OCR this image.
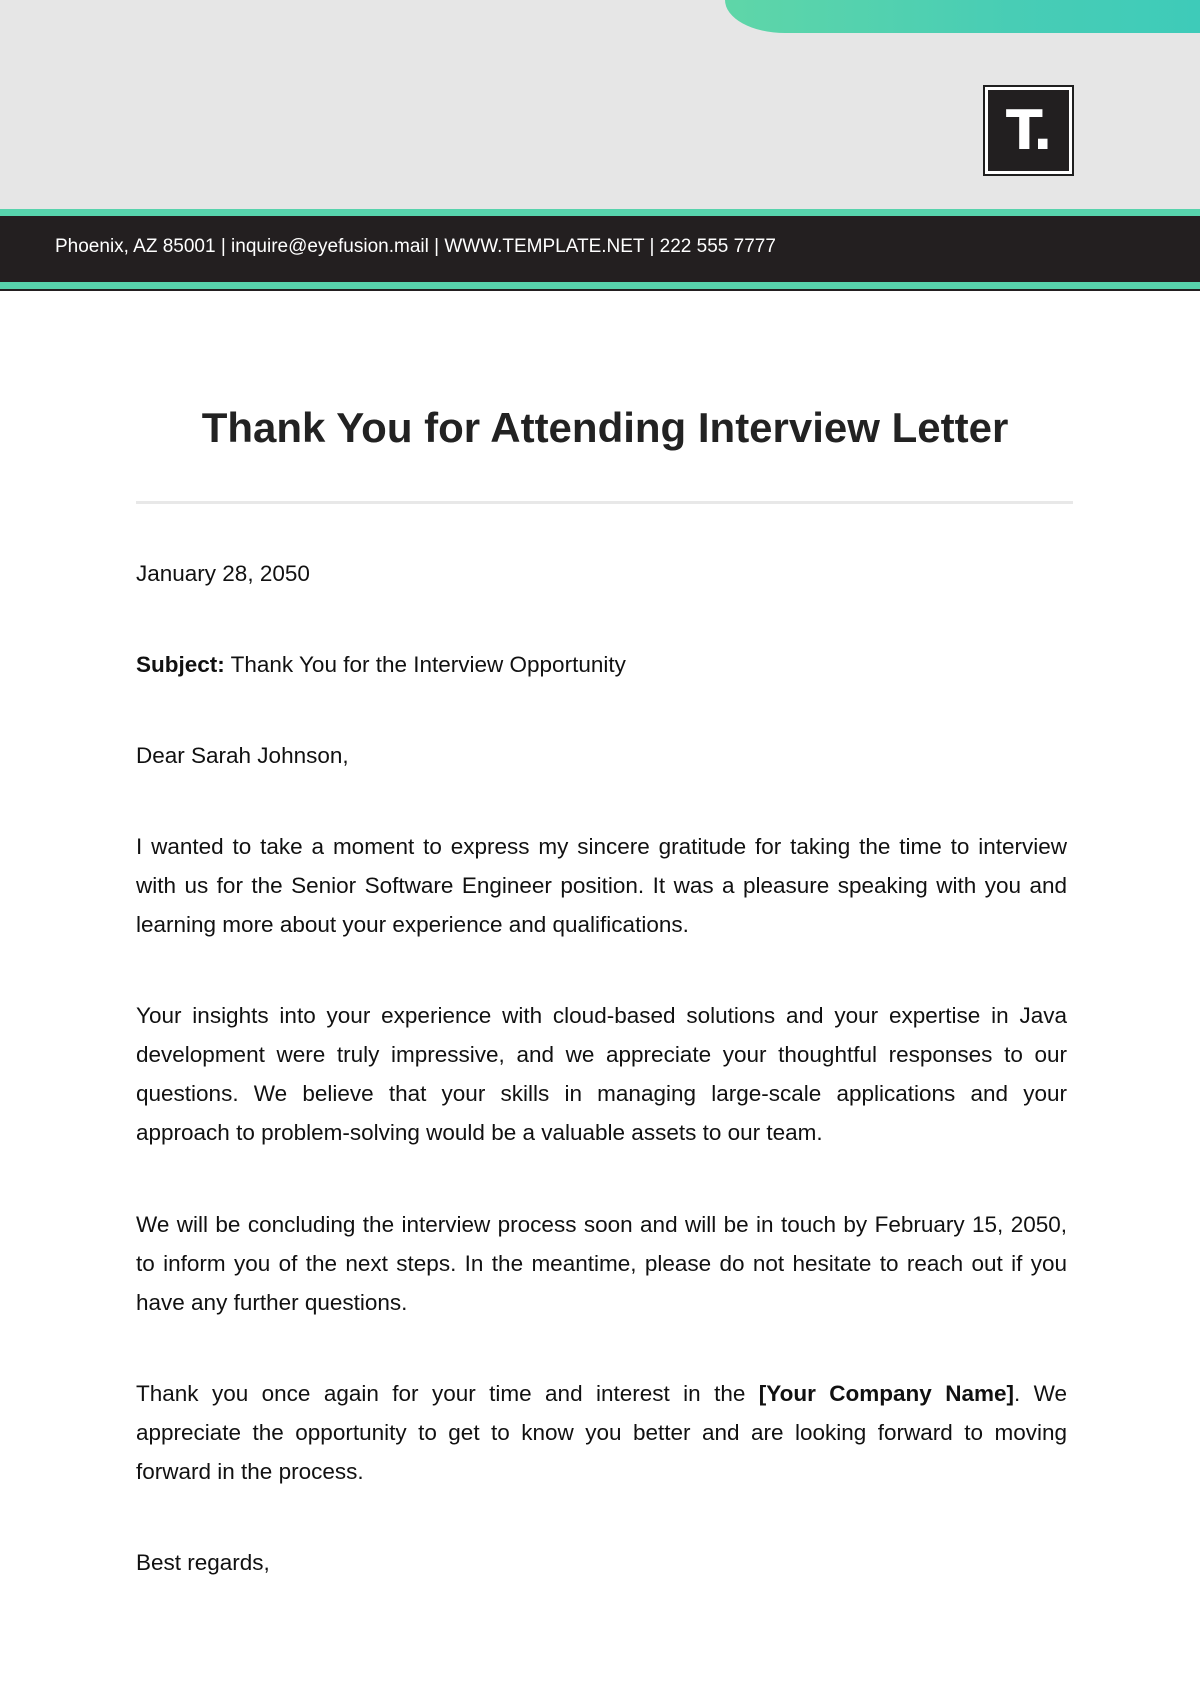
T.
Phoenix, AZ 85001 | inquire@eyefusion.mail | WWW.TEMPLATE.NET | 222 555 7777
Thank You for Attending Interview Letter

January 28, 2050

Subject: Thank You for the Interview Opportunity

Dear Sarah Johnson,

I wanted to take a moment to express my sincere gratitude for taking the time to interview with us for the Senior Software Engineer position. It was a pleasure speaking with you and learning more about your experience and qualifications.

Your insights into your experience with cloud-based solutions and your expertise in Java development were truly impressive, and we appreciate your thoughtful responses to our questions. We believe that your skills in managing large-scale applications and your approach to problem-solving would be a valuable assets to our team.

We will be concluding the interview process soon and will be in touch by February 15, 2050, to inform you of the next steps. In the meantime, please do not hesitate to reach out if you have any further questions.

Thank you once again for your time and interest in the [Your Company Name]. We appreciate the opportunity to get to know you better and are looking forward to moving forward in the process.

Best regards,
